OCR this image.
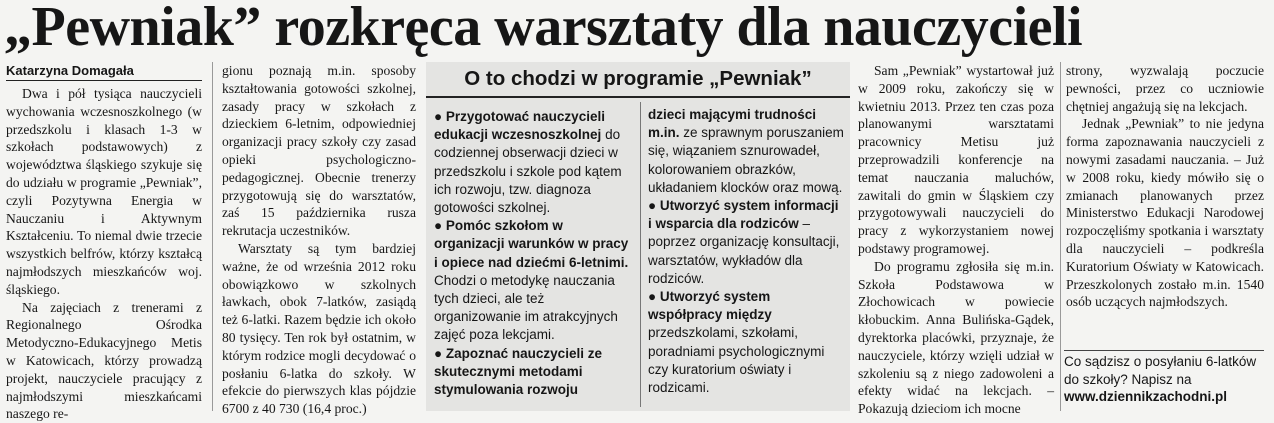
„Pewniak” rozkręca warsztaty dla nauczycieli
Katarzyna Domagała

Dwa i pół tysiąca nauczycieli wychowania wczesnoszkolnego (w przedszkolu i klasach 1-3 w szkołach podstawowych) z województwa śląskiego szykuje się do udziału w programie „Pewniak”, czyli Pozytywna Energia w Nauczaniu i Aktywnym Kształceniu. To niemal dwie trzecie wszystkich belfrów, którzy kształcą najmłodszych mieszkańców woj. śląskiego.

Na zajęciach z trenerami z Regionalnego Ośrodka Metodyczno-Edukacyjnego Metis w Katowicach, którzy prowadzą projekt, nauczyciele pracujący z najmłodszymi mieszkańcami naszego re-

gionu poznają m.in. sposoby kształtowania gotowości szkolnej, zasady pracy w szkołach z dzieckiem 6-letnim, odpowiedniej organizacji pracy szkoły czy zasad opieki psychologiczno-pedagogicznej. Obecnie trenerzy przygotowują się do warsztatów, zaś 15 października rusza rekrutacja uczestników.

Warsztaty są tym bardziej ważne, że od września 2012 roku obowiązkowo w szkolnych ławkach, obok 7-latków, zasiądą też 6-latki. Razem będzie ich około 80 tysięcy. Ten rok był ostatnim, w którym rodzice mogli decydować o posłaniu 6-latka do szkoły. W efekcie do pierwszych klas pójdzie 6700 z 40 730 (16,4 proc.)

O to chodzi w programie „Pewniak”

● Przygotować nauczycieli edukacji wczesnoszkolnej do codziennej obserwacji dzieci w przedszkolu i szkole pod kątem ich rozwoju, tzw. diagnoza gotowości szkolnej.

● Pomóc szkołom w organizacji warunków w pracy i opiece nad dziećmi 6-letnimi. Chodzi o metodykę nauczania tych dzieci, ale też organizowanie im atrakcyjnych zajęć poza lekcjami.

● Zapoznać nauczycieli ze skutecznymi metodami stymulowania rozwoju

dzieci mającymi trudności m.in. ze sprawnym poruszaniem się, wiązaniem sznurowadeł, kolorowaniem obrazków, układaniem klocków oraz mową.

● Utworzyć system informacji i wsparcia dla rodziców – poprzez organizację konsultacji, warsztatów, wykładów dla rodziców.

● Utworzyć system współpracy między przedszkolami, szkołami, poradniami psychologicznymi czy kuratorium oświaty i rodzicami.

Sam „Pewniak” wystartował już w 2009 roku, zakończy się w kwietniu 2013. Przez ten czas poza planowanymi warsztatami pracownicy Metisu już przeprowadzili konferencje na temat nauczania maluchów, zawitali do gmin w Śląskiem czy przygotowywali nauczycieli do pracy z wykorzystaniem nowej podstawy programowej.

Do programu zgłosiła się m.in. Szkoła Podstawowa w Złochowicach w powiecie kłobuckim. Anna Bulińska-Gądek, dyrektorka placówki, przyznaje, że nauczyciele, którzy wzięli udział w szkoleniu są z niego zadowoleni a efekty widać na lekcjach. – Pokazują dzieciom ich mocne

strony, wyzwalają poczucie pewności, przez co uczniowie chętniej angażują się na lekcjach.

Jednak „Pewniak” to nie jedyna forma zapoznawania nauczycieli z nowymi zasadami nauczania. – Już w 2008 roku, kiedy mówiło się o zmianach planowanych przez Ministerstwo Edukacji Narodowej rozpoczęliśmy spotkania i warsztaty dla nauczycieli – podkreśla Kuratorium Oświaty w Katowicach. Przeszkolonych zostało m.in. 1540 osób uczących najmłodszych.

Co sądzisz o posyłaniu 6-latków do szkoły? Napisz na www.dziennikzachodni.pl
